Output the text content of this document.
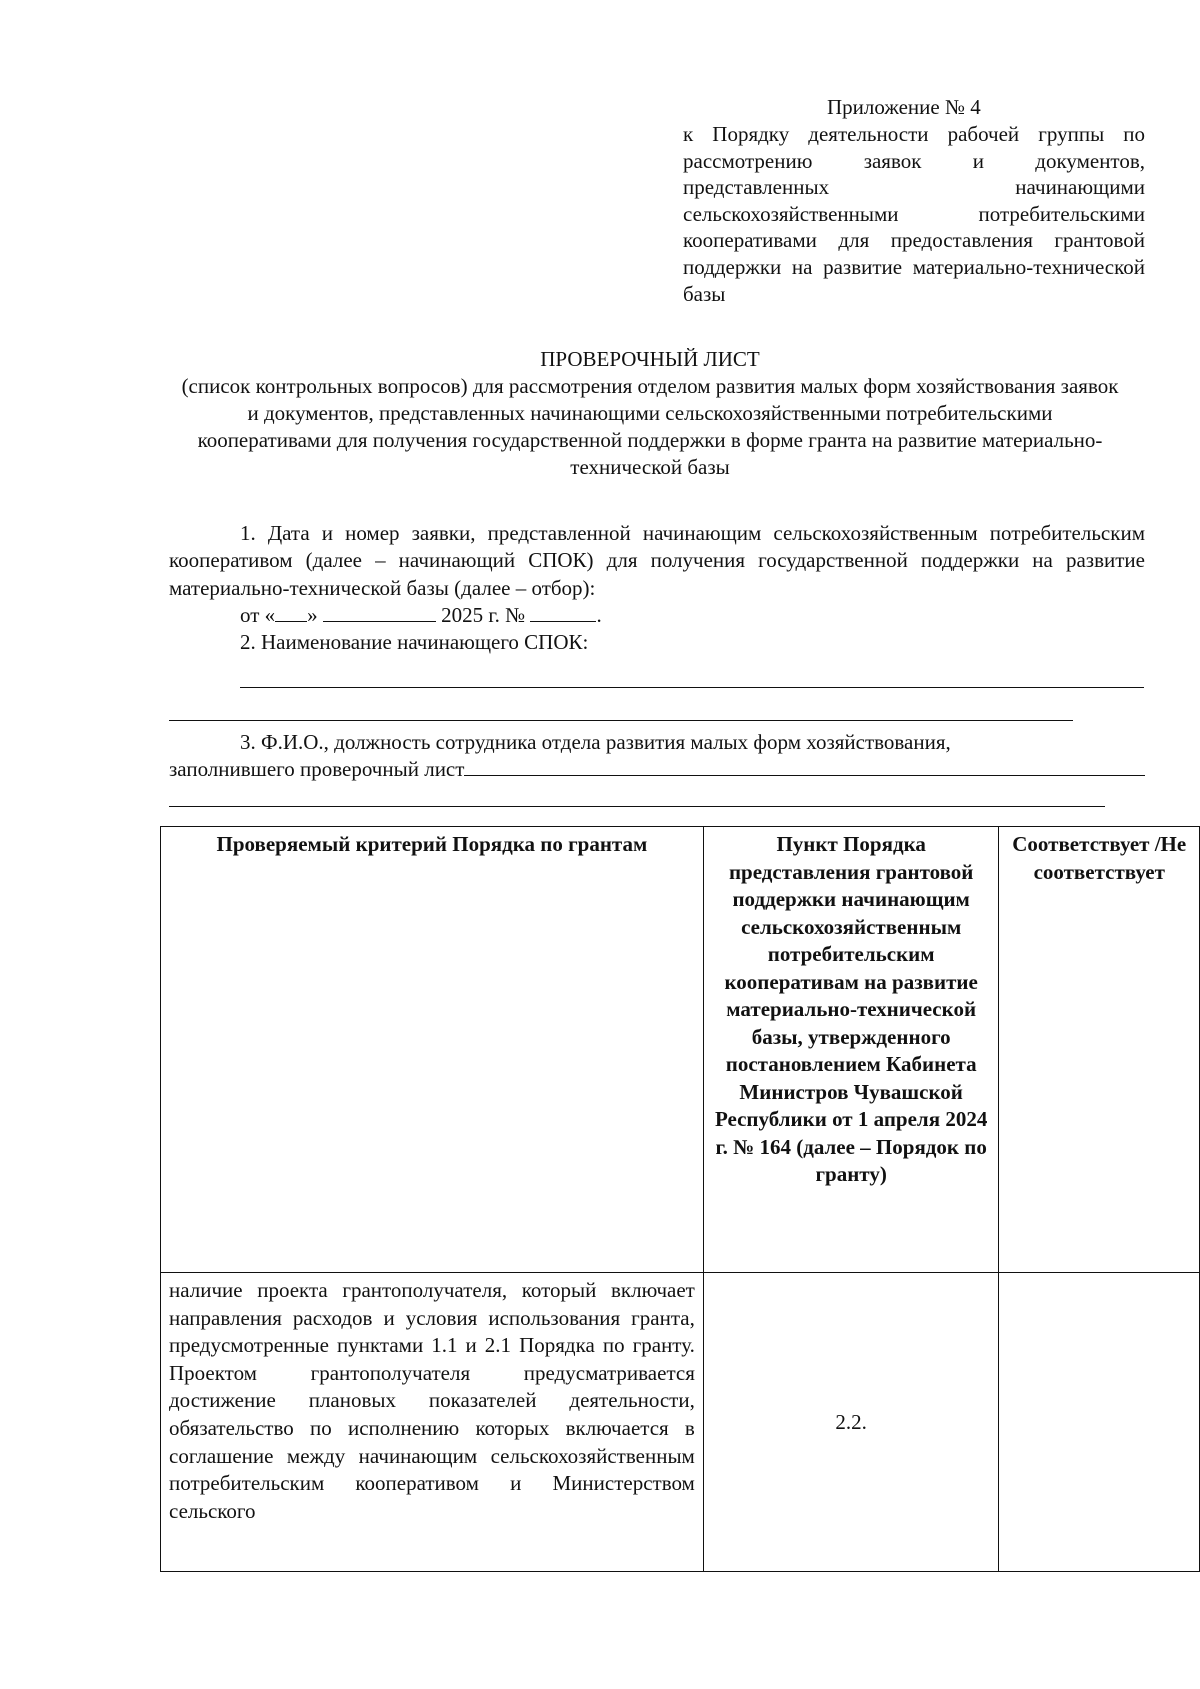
Приложение № 4
к Порядку деятельности рабочей группы по рассмотрению заявок и документов, представленных начинающими сельскохозяйственными потребительскими кооперативами для предоставления грантовой поддержки на развитие материально-технической базы
ПРОВЕРОЧНЫЙ ЛИСТ
(список контрольных вопросов) для рассмотрения отделом развития малых форм хозяйствования заявок и документов, представленных начинающими сельскохозяйственными потребительскими кооперативами для получения государственной поддержки в форме гранта на развитие материально-технической базы
1. Дата и номер заявки, представленной начинающим сельскохозяйственным потребительским кооперативом (далее – начинающий СПОК) для получения государственной поддержки на развитие материально-технической базы (далее – отбор):
от « »	2025 г. №	.
2. Наименование начинающего СПОК:
3. Ф.И.О., должность сотрудника отдела развития малых форм хозяйствования,
заполнившего проверочный лист
Проверяемый критерий Порядка по грантам	Пункт Порядка представления грантовой поддержки начинающим сельскохозяйственным потребительским кооперативам на развитие материально-технической базы, утвержденного постановлением Кабинета Министров Чувашской Республики от 1 апреля 2024 г. № 164 (далее – Порядок по гранту)	Соответствует /Не соответствует
наличие проекта грантополучателя, который включает направления расходов и условия использования гранта, предусмотренные пунктами 1.1 и 2.1 Порядка по гранту. Проектом грантополучателя предусматривается достижение плановых показателей деятельности, обязательство по исполнению которых включается в соглашение между начинающим сельскохозяйственным потребительским кооперативом и Министерством сельского	2.2.	
